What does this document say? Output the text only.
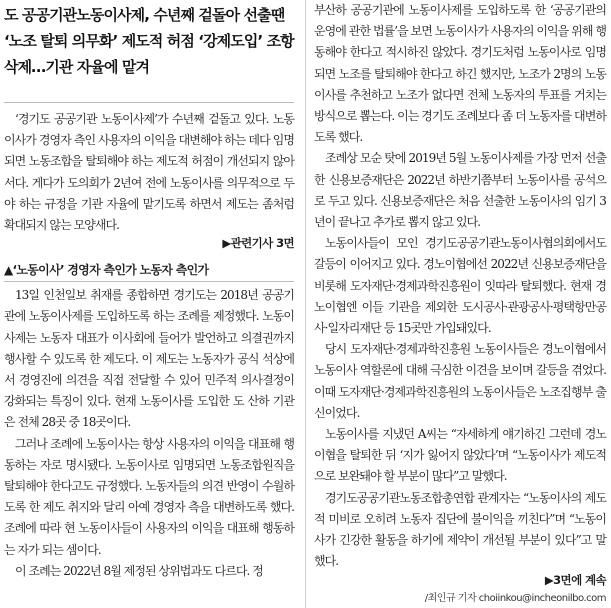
도 공공기관노동이사제, 수년째 겉돌아 선출땐 ‘노조 탈퇴 의무화’ 제도적 허점 ‘강제도입’ 조항 삭제…기관 자율에 맡겨

‘경기도 공공기관 노동이사제’가 수년째 겉돌고 있다. 노동이사가 경영자 측인 사용자의 이익을 대변해야 하는 데다 임명되면 노동조합을 탈퇴해야 하는 제도적 허점이 개선되지 않아서다. 게다가 도의회가 2년여 전에 노동이사를 의무적으로 두야 하는 규정을 기관 자율에 맡기도록 하면서 제도는 좀처럼 확대되지 않는 모양새다.

▶관련기사 3면
▲‘노동이사’ 경영자 측인가 노동자 측인가

13일 인천일보 취재를 종합하면 경기도는 2018년 공공기관에 노동이사제를 도입하도록 하는 조례를 제정했다. 노동이사제는 노동자 대표가 이사회에 들어가 발언하고 의결권까지 행사할 수 있도록 한 제도다. 이 제도는 노동자가 공식 석상에서 경영진에 의견을 직접 전달할 수 있어 민주적 의사결정이 강화되는 특징이 있다. 현재 노동이사를 도입한 도 산하 기관은 전체 28곳 중 18곳이다.

그러나 조례에 노동이사는 항상 사용자의 이익을 대표해 행동하는 자로 명시됐다. 노동이사로 임명되면 노동조합원직을 탈퇴해야 한다고도 규정했다. 노동자들의 의견 반영이 수월하도록 한 제도 취지와 달리 아예 경영자 측을 대변하도록 했다. 조례에 따라 현 노동이사들이 사용자의 이익을 대표해 행동하는 자가 되는 셈이다.

이 조례는 2022년 8월 제정된 상위법과도 다르다. 정

부산하 공공기관에 노동이사제를 도입하도록 한 ‘공공기관의 운영에 관한 법률’을 보면 노동이사가 사용자의 이익을 위해 행동해야 한다고 적시하진 않았다. 경기도처럼 노동이사로 임명되면 노조를 탈퇴해야 한다고 하긴 했지만, 노조가 2명의 노동이사를 추천하고 노조가 없다면 전체 노동자의 투표를 거치는 방식으로 뽑는다. 이는 경기도 조례보다 좀 더 노동자를 대변하도록 했다.

조례상 모순 탓에 2019년 5월 노동이사제를 가장 먼저 선출한 신용보증재단은 2022년 하반기쯤부터 노동이사를 공석으로 두고 있다. 신용보증재단은 처음 선출한 노동이사의 임기 3년이 끝나고 추가로 뽑지 않고 있다.

노동이사들이 모인 경기도공공기관노동이사협의회에서도 갈등이 이어지고 있다. 경노이협에선 2022년 신용보증재단을 비롯해 도자재단·경제과학진흥원이 잇따라 탈퇴했다. 현재 경노이협엔 이들 기관을 제외한 도시공사·관광공사·평택항만공사·일자리재단 등 15곳만 가입돼있다.

당시 도자재단·경제과학진흥원 노동이사들은 경노이협에서 노동이사 역할론에 대해 극심한 이견을 보이며 갈등을 겪었다. 이때 도자재단·경제과학진흥원의 노동이사들은 노조집행부 출신이었다.

노동이사를 지냈던 A씨는 “자세하게 얘기하긴 그런데 경노이협을 탈퇴한 뒤 ‘지가 잃어지 않았다’며 “노동이사가 제도적으로 보완돼야 할 부분이 많다”고 말했다.

경기도공공기관노동조합총연합 관계자는 “노동이사의 제도적 미비로 오히려 노동자 집단에 불이익을 끼친다”며 “노동이사가 긴강한 활동을 하기에 제약이 개선될 부분이 있다”고 말했다.

▶3면에 계속
/최인규 기자 choiinkou@incheonilbo.com
